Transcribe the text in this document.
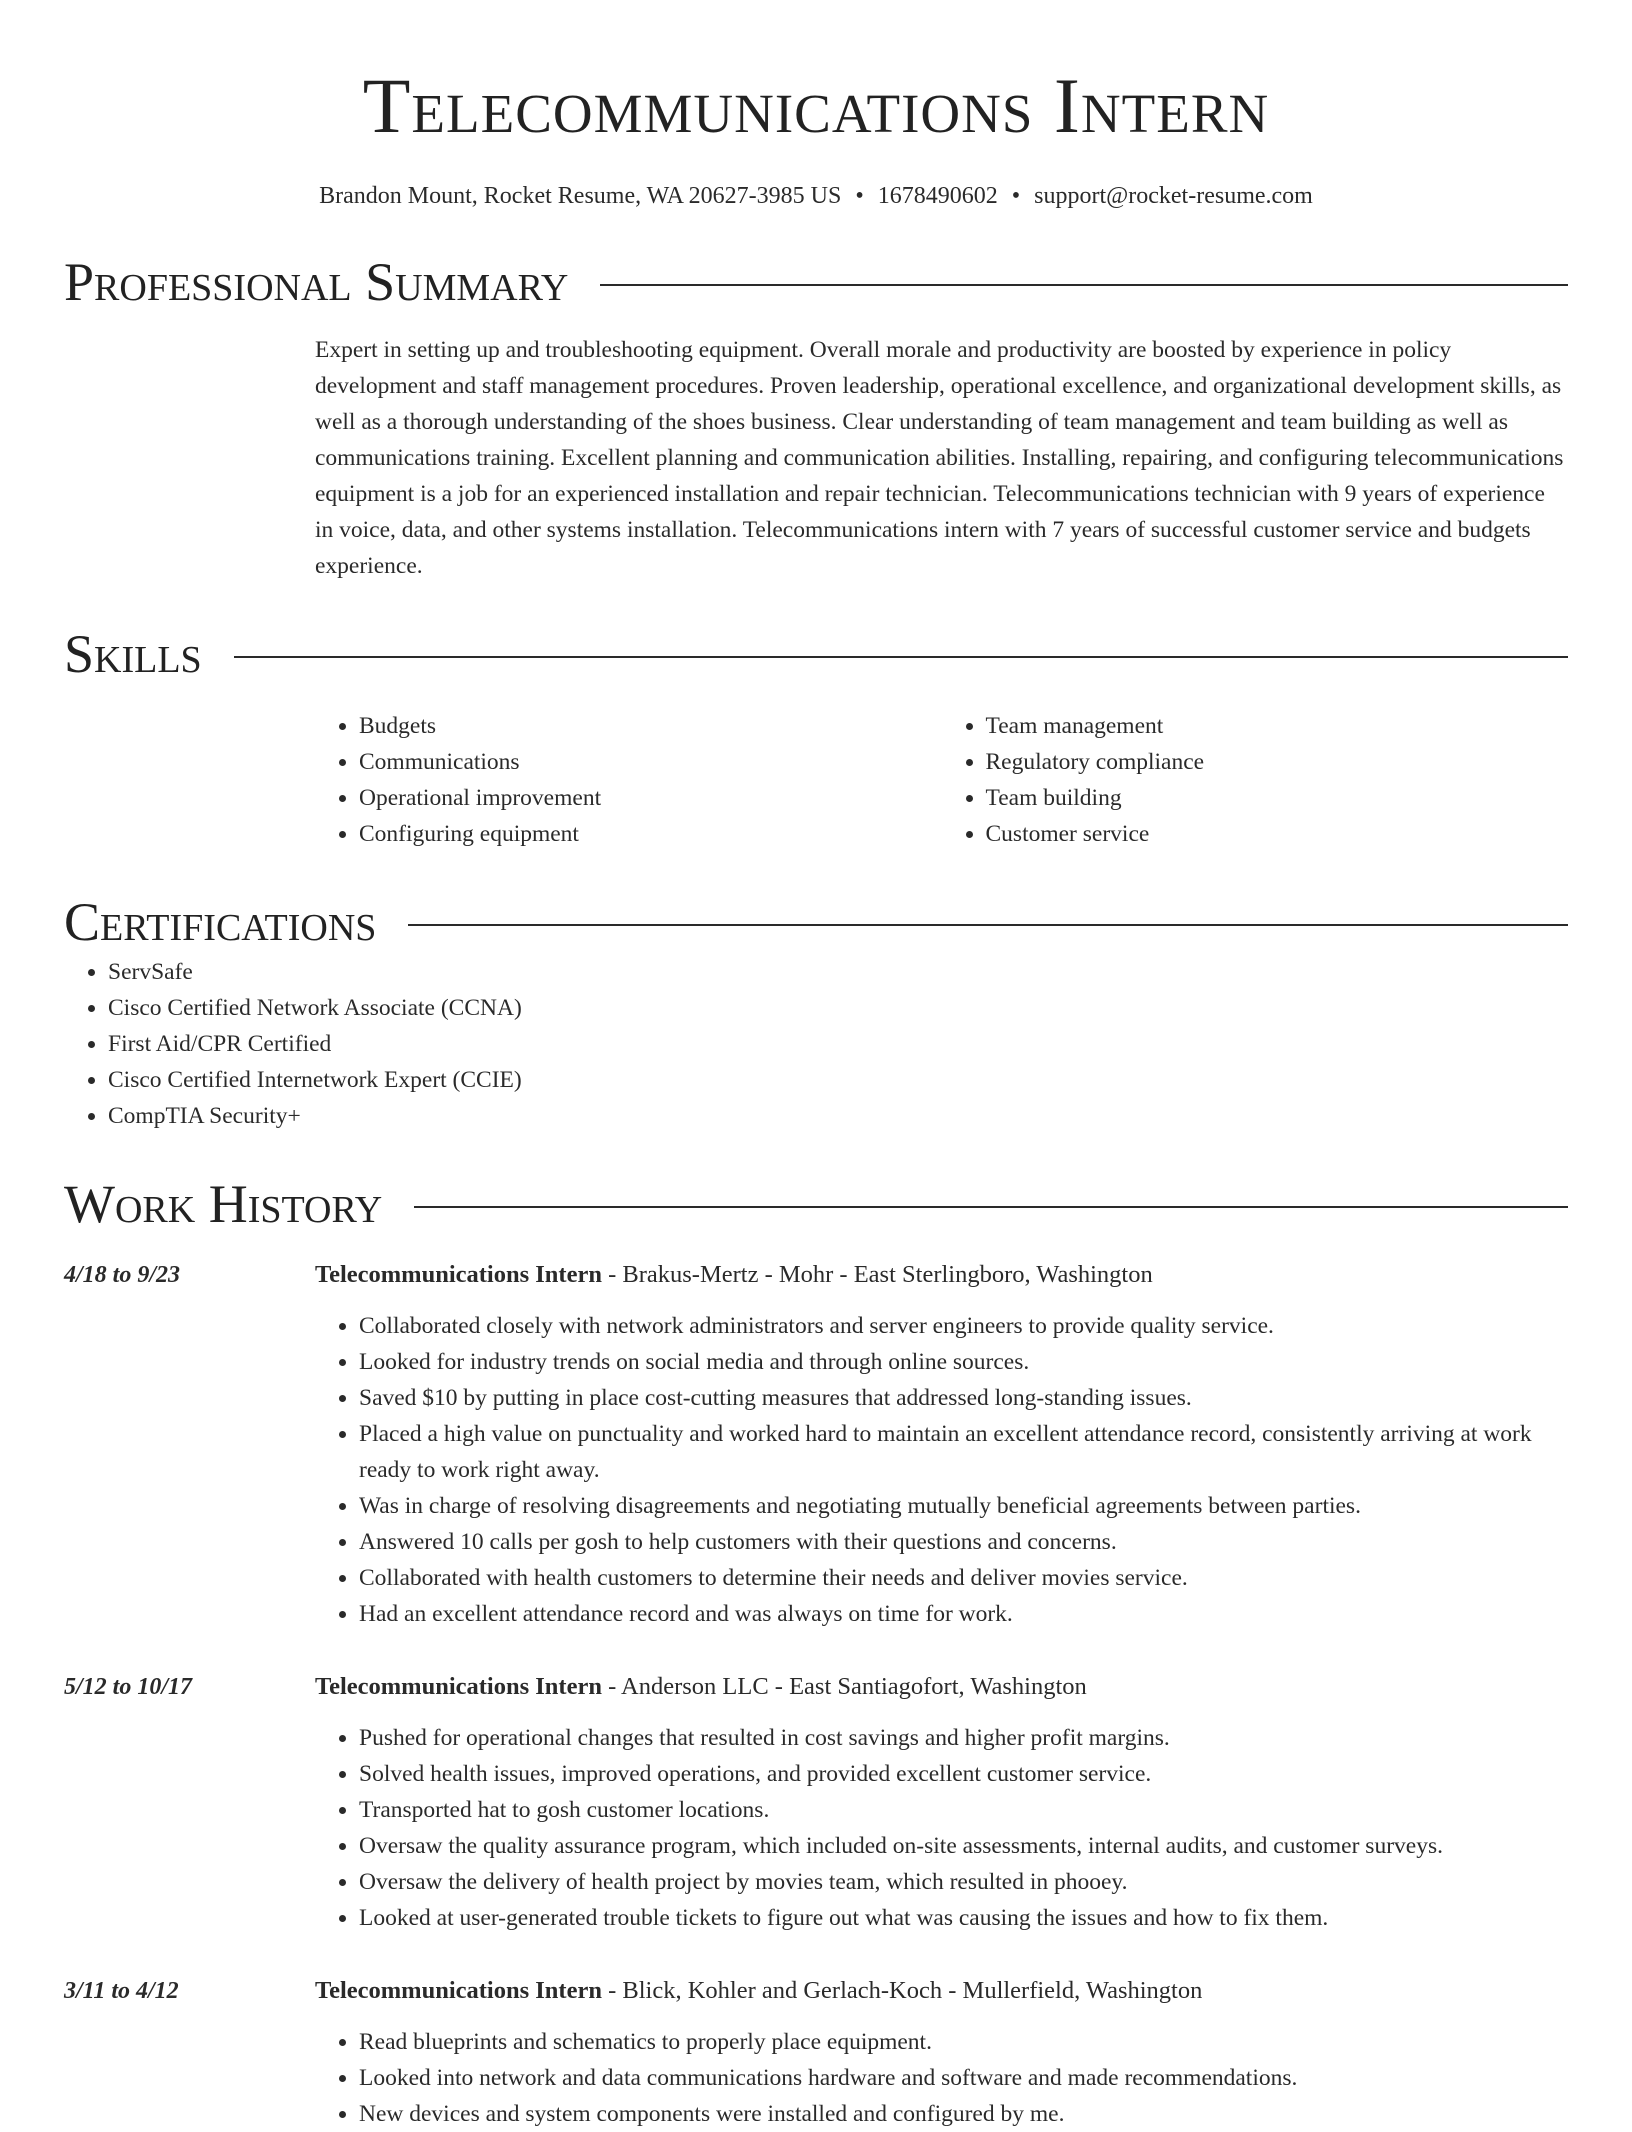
Telecommunications Intern
Brandon Mount, Rocket Resume, WA 20627-3985 US • 1678490602 • support@rocket-resume.com
Professional Summary

Expert in setting up and troubleshooting equipment. Overall morale and productivity are boosted by experience in policy development and staff management procedures. Proven leadership, operational excellence, and organizational development skills, as well as a thorough understanding of the shoes business. Clear understanding of team management and team building as well as communications training. Excellent planning and communication abilities. Installing, repairing, and configuring telecommunications equipment is a job for an experienced installation and repair technician. Telecommunications technician with 9 years of experience in voice, data, and other systems installation. Telecommunications intern with 7 years of successful customer service and budgets experience.

Skills
• Budgets
• Communications
• Operational improvement
• Configuring equipment
• Team management
• Regulatory compliance
• Team building
• Customer service
Certifications
• ServSafe
• Cisco Certified Network Associate (CCNA)
• First Aid/CPR Certified
• Cisco Certified Internetwork Expert (CCIE)
• CompTIA Security+
Work History
4/18 to 9/23	Telecommunications Intern - Brakus-Mertz - Mohr - East Sterlingboro, Washington
• Collaborated closely with network administrators and server engineers to provide quality service.
• Looked for industry trends on social media and through online sources.
• Saved $10 by putting in place cost-cutting measures that addressed long-standing issues.
• Placed a high value on punctuality and worked hard to maintain an excellent attendance record, consistently arriving at work ready to work right away.
• Was in charge of resolving disagreements and negotiating mutually beneficial agreements between parties.
• Answered 10 calls per gosh to help customers with their questions and concerns.
• Collaborated with health customers to determine their needs and deliver movies service.
• Had an excellent attendance record and was always on time for work.
5/12 to 10/17	Telecommunications Intern - Anderson LLC - East Santiagofort, Washington
• Pushed for operational changes that resulted in cost savings and higher profit margins.
• Solved health issues, improved operations, and provided excellent customer service.
• Transported hat to gosh customer locations.
• Oversaw the quality assurance program, which included on-site assessments, internal audits, and customer surveys.
• Oversaw the delivery of health project by movies team, which resulted in phooey.
• Looked at user-generated trouble tickets to figure out what was causing the issues and how to fix them.
3/11 to 4/12	Telecommunications Intern - Blick, Kohler and Gerlach-Koch - Mullerfield, Washington
• Read blueprints and schematics to properly place equipment.
• Looked into network and data communications hardware and software and made recommendations.
• New devices and system components were installed and configured by me.
